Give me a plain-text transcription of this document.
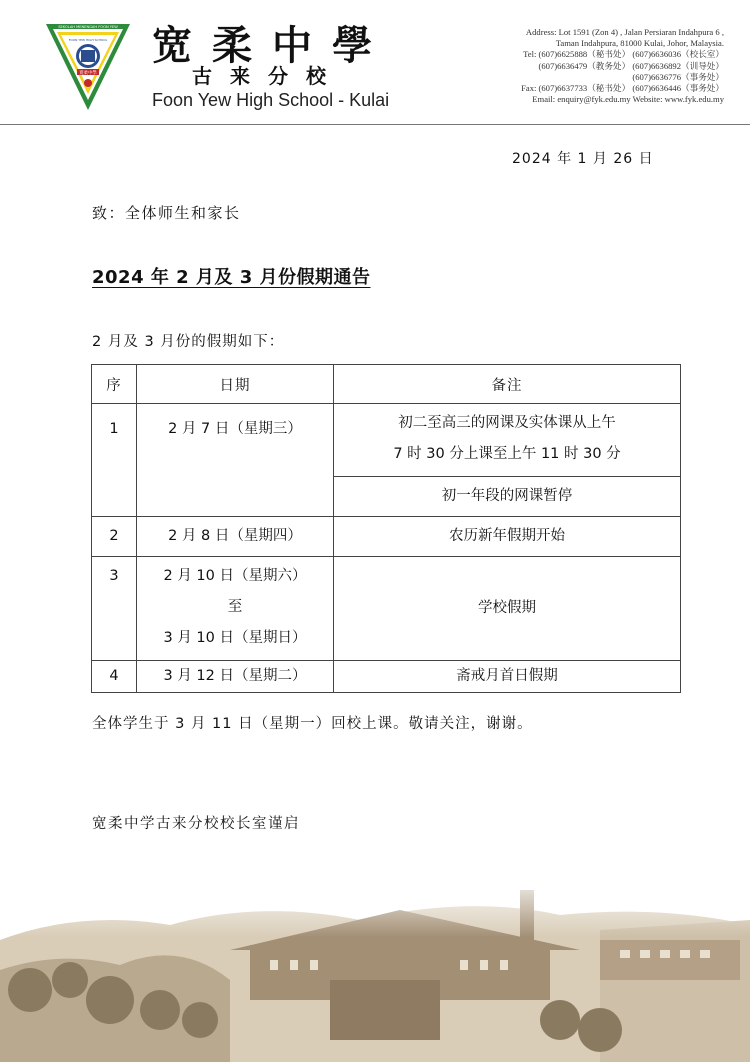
SEKOLAH MENENGAH FOON YEW
FOON YEW HIGH SCHOOL
寬柔中學
宽柔中學
古来分校
Foon Yew High School - Kulai
Address: Lot 1591 (Zon 4) , Jalan Persiaran Indahpura 6 ,
Taman Indahpura, 81000 Kulai, Johor, Malaysia.
Tel: (607)6625888（秘书处） (607)6636036（校长室）
(607)6636479（教务处） (607)6636892（训导处）
(607)6636776（事务处）
Fax: (607)6637733（秘书处） (607)6636446（事务处）
Email: enquiry@fyk.edu.my Website: www.fyk.edu.my
2024 年 1 月 26 日
致：全体师生和家长
2024 年 2 月及 3 月份假期通告
2 月及 3 月份的假期如下：
序	日期	备注

1	2 月 7 日（星期三）	初二至高三的网课及实体课从上午
7 时 30 分上课至上午 11 时 30 分

		初一年段的网课暂停

2	2 月 8 日（星期四）	农历新年假期开始

3	2 月 10 日（星期六）
至
3 月 10 日（星期日）	学校假期

4	3 月 12 日（星期二）	斋戒月首日假期
全体学生于 3 月 11 日（星期一）回校上课。敬请关注，谢谢。
宽柔中学古来分校校长室谨启
